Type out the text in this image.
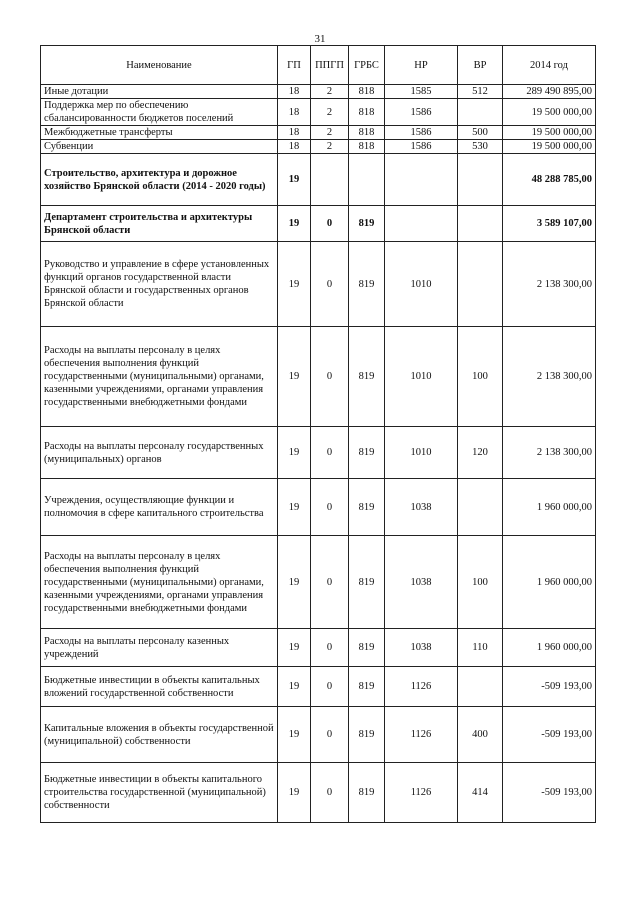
31
Наименование	ГП	ППГП	ГРБС	НР	ВР	2014 год
Иные дотации	18	2	818	1585	512	289 490 895,00
Поддержка мер по обеспечению сбалансированности бюджетов поселений	18	2	818	1586		19 500 000,00
Межбюджетные трансферты	18	2	818	1586	500	19 500 000,00
Субвенции	18	2	818	1586	530	19 500 000,00
Строительство, архитектура и дорожное хозяйство Брянской области (2014 - 2020 годы)	19					48 288 785,00
Департамент строительства и архитектуры Брянской области	19	0	819			3 589 107,00
Руководство и управление в сфере установленных функций органов государственной власти Брянской области и государственных органов Брянской области	19	0	819	1010		2 138 300,00
Расходы на выплаты персоналу в целях обеспечения выполнения функций государственными (муниципальными) органами, казенными учреждениями, органами управления государственными внебюджетными фондами	19	0	819	1010	100	2 138 300,00
Расходы на выплаты персоналу государственных (муниципальных) органов	19	0	819	1010	120	2 138 300,00
Учреждения, осуществляющие функции и полномочия в сфере капитального строительства	19	0	819	1038		1 960 000,00
Расходы на выплаты персоналу в целях обеспечения выполнения функций государственными (муниципальными) органами, казенными учреждениями, органами управления государственными внебюджетными фондами	19	0	819	1038	100	1 960 000,00
Расходы на выплаты персоналу казенных учреждений	19	0	819	1038	110	1 960 000,00
Бюджетные инвестиции в объекты капитальных вложений государственной собственности	19	0	819	1126		-509 193,00
Капитальные вложения в объекты государственной (муниципальной) собственности	19	0	819	1126	400	-509 193,00
Бюджетные инвестиции в объекты капитального строительства государственной (муниципальной) собственности	19	0	819	1126	414	-509 193,00
